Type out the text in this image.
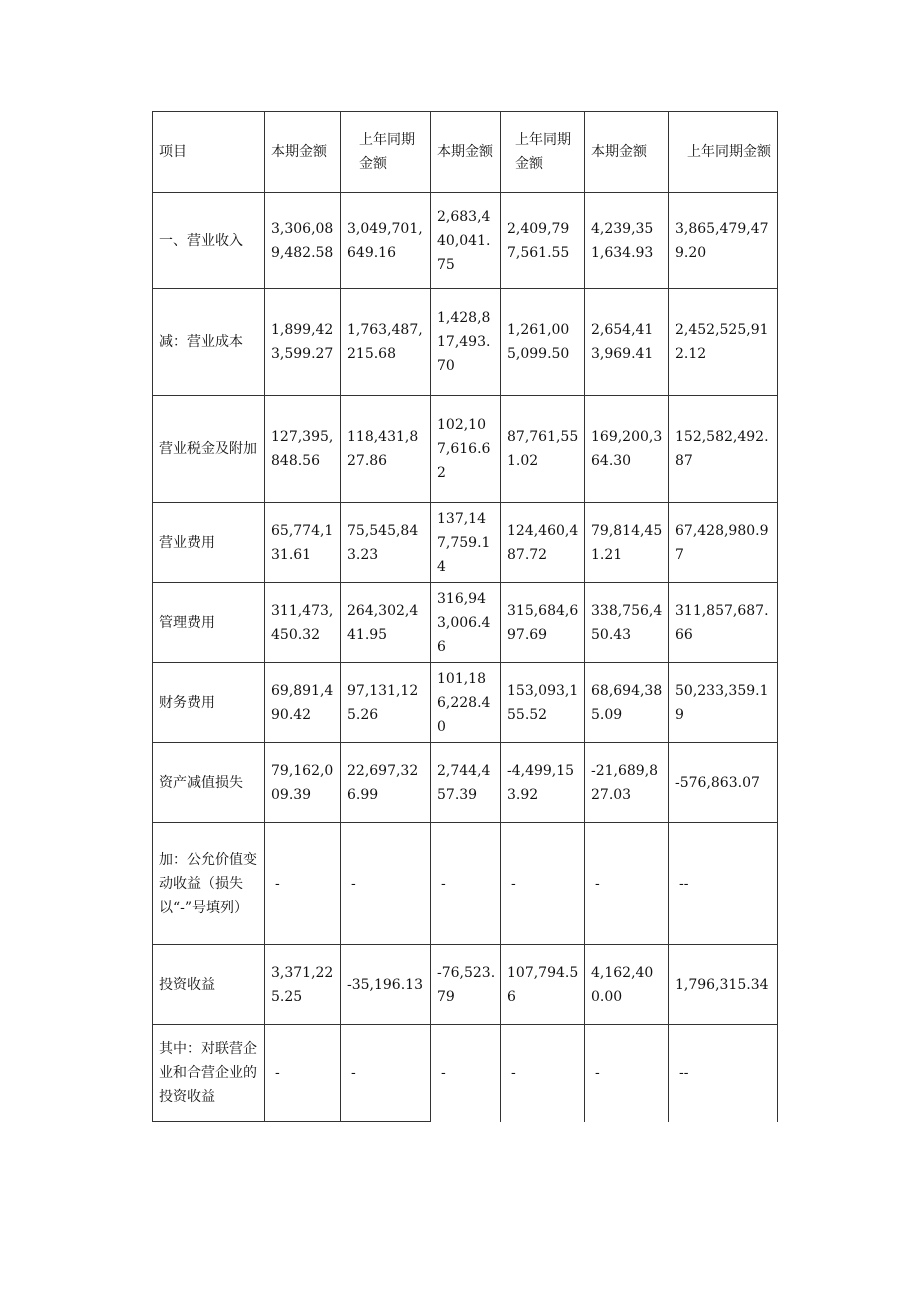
项目	本期金额	上年同期金额	本期金额	上年同期金额	本期金额	上年同期金额

一、营业收入	3,306,089,482.58	3,049,701,649.16	2,683,440,041.75	2,409,797,561.55	4,239,351,634.93	3,865,479,479.20

减：营业成本	1,899,423,599.27	1,763,487,215.68	1,428,817,493.70	1,261,005,099.50	2,654,413,969.41	2,452,525,912.12

营业税金及附加	127,395,848.56	118,431,827.86	102,107,616.62	87,761,551.02	169,200,364.30	152,582,492.87

营业费用	65,774,131.61	75,545,843.23	137,147,759.14	124,460,487.72	79,814,451.21	67,428,980.97

管理费用	311,473,450.32	264,302,441.95	316,943,006.46	315,684,697.69	338,756,450.43	311,857,687.66

财务费用	69,891,490.42	97,131,125.26	101,186,228.40	153,093,155.52	68,694,385.09	50,233,359.19

资产减值损失	79,162,009.39	22,697,326.99	2,744,457.39	-4,499,153.92	-21,689,827.03	-576,863.07

加：公允价值变动收益（损失以“-”号填列）	-	-	-	-	-	--

投资收益	3,371,225.25	-35,196.13	-76,523.79	107,794.56	4,162,400.00	1,796,315.34

其中：对联营企业和合营企业的投资收益	-	-	-	-	-	--
